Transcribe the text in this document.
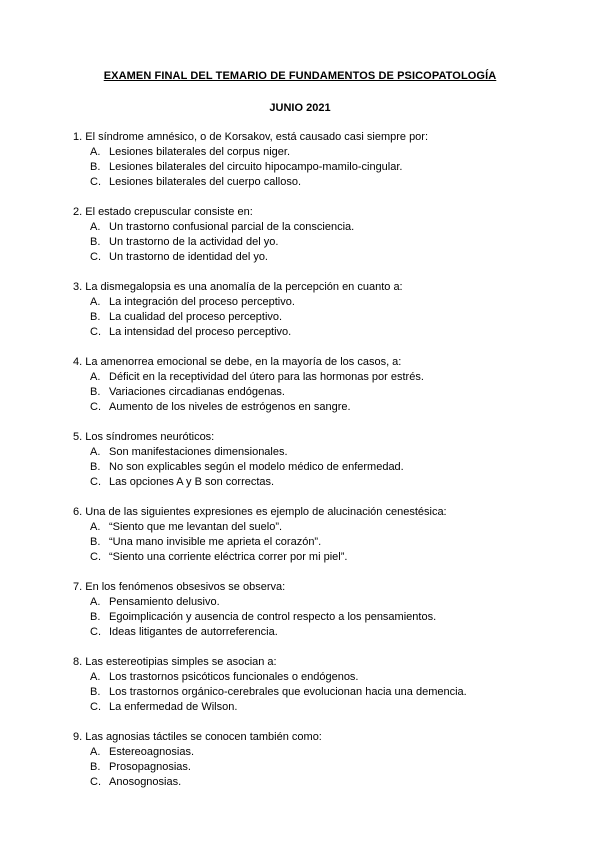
EXAMEN FINAL DEL TEMARIO DE FUNDAMENTOS DE PSICOPATOLOGÍA
JUNIO 2021
1. El síndrome amnésico, o de Korsakov, está causado casi siempre por:
A. Lesiones bilaterales del corpus niger.
B. Lesiones bilaterales del circuito hipocampo-mamilo-cingular.
C. Lesiones bilaterales del cuerpo calloso.
2. El estado crepuscular consiste en:
A. Un trastorno confusional parcial de la consciencia.
B. Un trastorno de la actividad del yo.
C. Un trastorno de identidad del yo.
3. La dismegalopsia es una anomalía de la percepción en cuanto a:
A. La integración del proceso perceptivo.
B. La cualidad del proceso perceptivo.
C. La intensidad del proceso perceptivo.
4. La amenorrea emocional se debe, en la mayoría de los casos, a:
A. Déficit en la receptividad del útero para las hormonas por estrés.
B. Variaciones circadianas endógenas.
C. Aumento de los niveles de estrógenos en sangre.
5. Los síndromes neuróticos:
A. Son manifestaciones dimensionales.
B. No son explicables según el modelo médico de enfermedad.
C. Las opciones A y B son correctas.
6. Una de las siguientes expresiones es ejemplo de alucinación cenestésica:
A. “Siento que me levantan del suelo”.
B. “Una mano invisible me aprieta el corazón”.
C. “Siento una corriente eléctrica correr por mi piel”.
7. En los fenómenos obsesivos se observa:
A. Pensamiento delusivo.
B. Egoimplicación y ausencia de control respecto a los pensamientos.
C. Ideas litigantes de autorreferencia.
8. Las estereotipias simples se asocian a:
A. Los trastornos psicóticos funcionales o endógenos.
B. Los trastornos orgánico-cerebrales que evolucionan hacia una demencia.
C. La enfermedad de Wilson.
9. Las agnosias táctiles se conocen también como:
A. Estereoagnosias.
B. Prosopagnosias.
C. Anosognosias.
